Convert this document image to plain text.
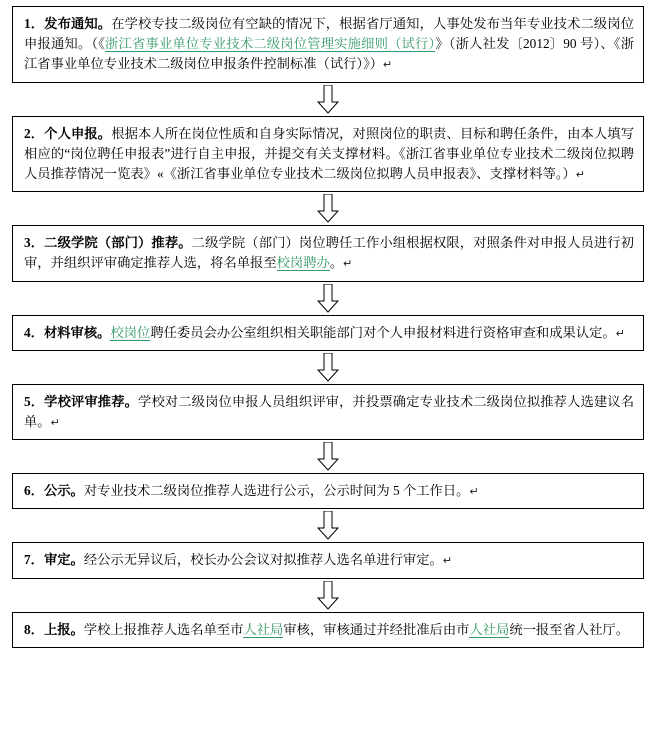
1．发布通知。在学校专技二级岗位有空缺的情况下，根据省厅通知，人事处发布当年专业技术二级岗位申报通知。（《浙江省事业单位专业技术二级岗位管理实施细则（试行）》（浙人社发〔2012〕90 号）、《浙江省事业单位专业技术二级岗位申报条件控制标准（试行）》）↵
2．个人申报。根据本人所在岗位性质和自身实际情况，对照岗位的职责、目标和聘任条件，由本人填写相应的“岗位聘任申报表”进行自主申报，并提交有关支撑材料。《浙江省事业单位专业技术二级岗位拟聘人员推荐情况一览表》«《浙江省事业单位专业技术二级岗位拟聘人员申报表》、支撑材料等。）↵
3．二级学院（部门）推荐。二级学院（部门）岗位聘任工作小组根据权限，对照条件对申报人员进行初审，并组织评审确定推荐人选，将名单报至校岗聘办。↵
4．材料审核。校岗位聘任委员会办公室组织相关职能部门对个人申报材料进行资格审查和成果认定。↵
5．学校评审推荐。学校对二级岗位申报人员组织评审，并投票确定专业技术二级岗位拟推荐人选建议名单。↵
6．公示。对专业技术二级岗位推荐人选进行公示，公示时间为 5 个工作日。↵
7．审定。经公示无异议后，校长办公会议对拟推荐人选名单进行审定。↵
8．上报。学校上报推荐人选名单至市人社局审核，审核通过并经批准后由市人社局统一报至省人社厅。
